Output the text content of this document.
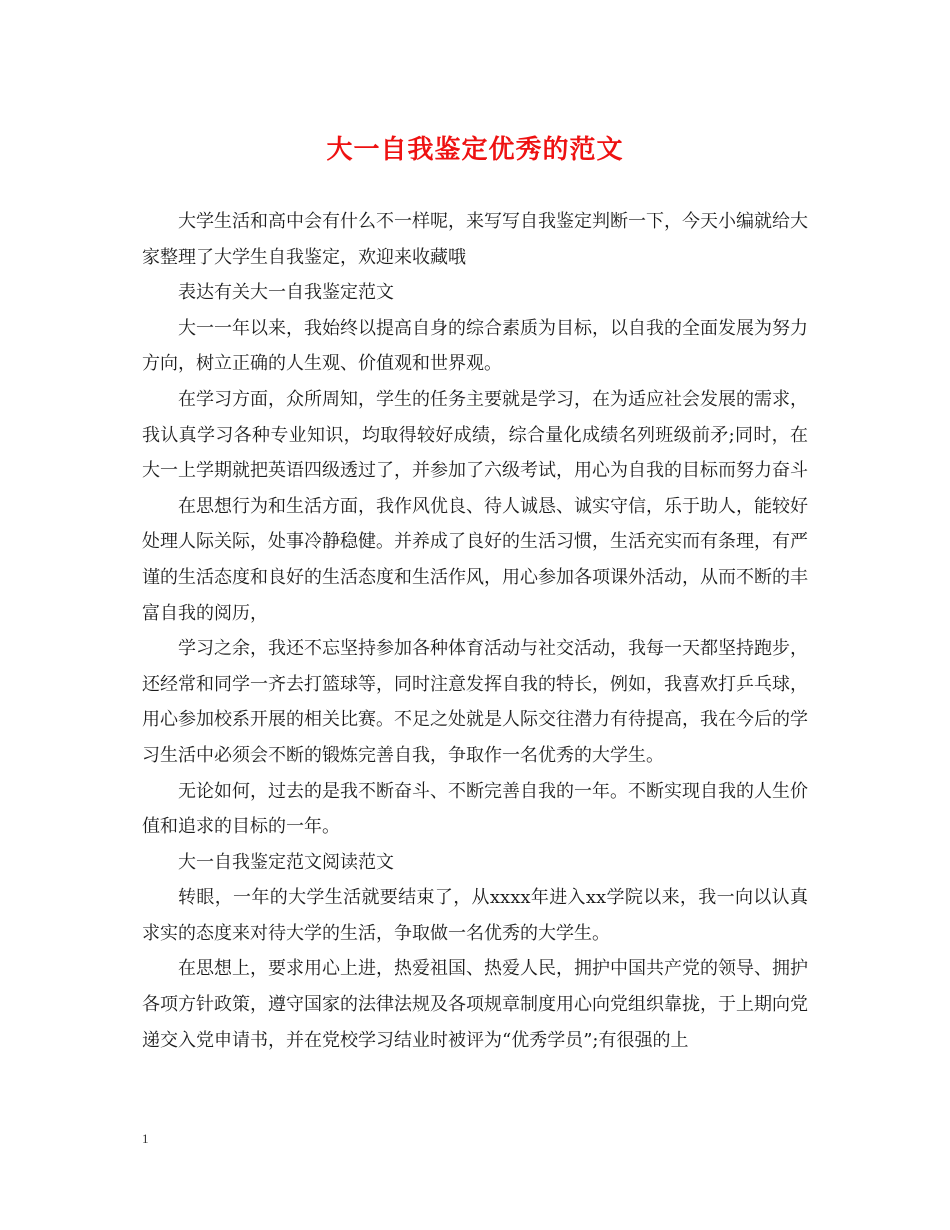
大一自我鉴定优秀的范文

大学生活和高中会有什么不一样呢，来写写自我鉴定判断一下，今天小编就给大家整理了大学生自我鉴定，欢迎来收藏哦

表达有关大一自我鉴定范文

大一一年以来，我始终以提高自身的综合素质为目标，以自我的全面发展为努力方向，树立正确的人生观、价值观和世界观。

在学习方面，众所周知，学生的任务主要就是学习，在为适应社会发展的需求，我认真学习各种专业知识，均取得较好成绩，综合量化成绩名列班级前矛;同时，在大一上学期就把英语四级透过了，并参加了六级考试，用心为自我的目标而努力奋斗

在思想行为和生活方面，我作风优良、待人诚恳、诚实守信，乐于助人，能较好处理人际关际，处事冷静稳健。并养成了良好的生活习惯，生活充实而有条理，有严谨的生活态度和良好的生活态度和生活作风，用心参加各项课外活动，从而不断的丰富自我的阅历，

学习之余，我还不忘坚持参加各种体育活动与社交活动，我每一天都坚持跑步，还经常和同学一齐去打篮球等，同时注意发挥自我的特长，例如，我喜欢打乒乓球，用心参加校系开展的相关比赛。不足之处就是人际交往潜力有待提高，我在今后的学习生活中必须会不断的锻炼完善自我，争取作一名优秀的大学生。

无论如何，过去的是我不断奋斗、不断完善自我的一年。不断实现自我的人生价值和追求的目标的一年。

大一自我鉴定范文阅读范文

转眼，一年的大学生活就要结束了，从xxxx年进入xx学院以来，我一向以认真求实的态度来对待大学的生活，争取做一名优秀的大学生。

在思想上，要求用心上进，热爱祖国、热爱人民，拥护中国共产党的领导、拥护各项方针政策，遵守国家的法律法规及各项规章制度用心向党组织靠拢，于上期向党递交入党申请书，并在党校学习结业时被评为“优秀学员”;有很强的上

1
